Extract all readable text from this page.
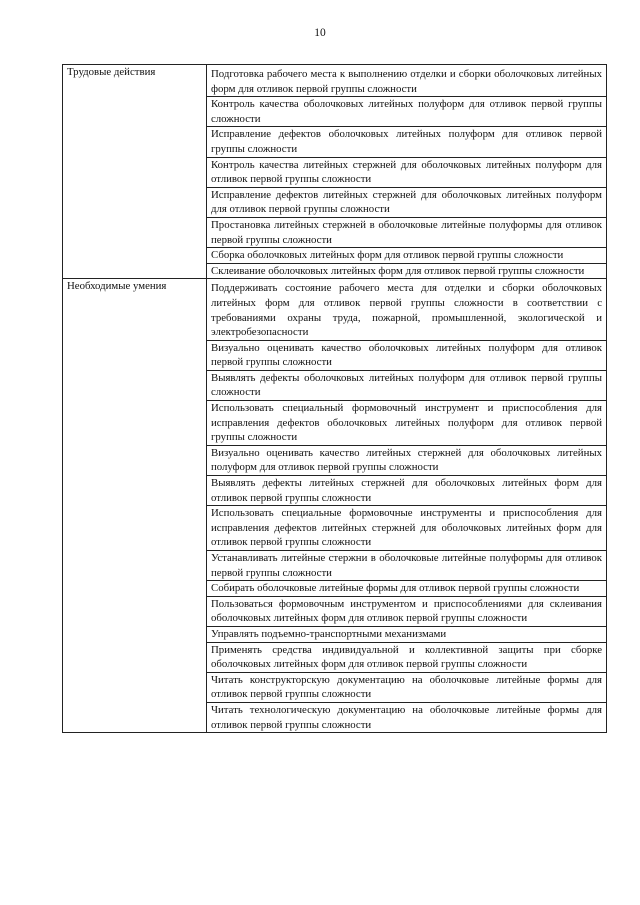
10
Трудовые действия	Подготовка рабочего места к выполнению отделки и сборки оболочковых литейных форм для отливок первой группы сложности
	Контроль качества оболочковых литейных полуформ для отливок первой группы сложности
	Исправление дефектов оболочковых литейных полуформ для отливок первой группы сложности
	Контроль качества литейных стержней для оболочковых литейных полуформ для отливок первой группы сложности
	Исправление дефектов литейных стержней для оболочковых литейных полуформ для отливок первой группы сложности
	Простановка литейных стержней в оболочковые литейные полуформы для отливок первой группы сложности
	Сборка оболочковых литейных форм для отливок первой группы сложности
	Склеивание оболочковых литейных форм для отливок первой группы сложности
Необходимые умения	Поддерживать состояние рабочего места для отделки и сборки оболочковых литейных форм для отливок первой группы сложности в соответствии с требованиями охраны труда, пожарной, промышленной, экологической и электробезопасности
	Визуально оценивать качество оболочковых литейных полуформ для отливок первой группы сложности
	Выявлять дефекты оболочковых литейных полуформ для отливок первой группы сложности
	Использовать специальный формовочный инструмент и приспособления для исправления дефектов оболочковых литейных полуформ для отливок первой группы сложности
	Визуально оценивать качество литейных стержней для оболочковых литейных полуформ для отливок первой группы сложности
	Выявлять дефекты литейных стержней для оболочковых литейных форм для отливок первой группы сложности
	Использовать специальные формовочные инструменты и приспособления для исправления дефектов литейных стержней для оболочковых литейных форм для отливок первой группы сложности
	Устанавливать литейные стержни в оболочковые литейные полуформы для отливок первой группы сложности
	Собирать оболочковые литейные формы для отливок первой группы сложности
	Пользоваться формовочным инструментом и приспособлениями для склеивания оболочковых литейных форм для отливок первой группы сложности
	Управлять подъемно-транспортными механизмами
	Применять средства индивидуальной и коллективной защиты при сборке оболочковых литейных форм для отливок первой группы сложности
	Читать конструкторскую документацию на оболочковые литейные формы для отливок первой группы сложности
	Читать технологическую документацию на оболочковые литейные формы для отливок первой группы сложности
